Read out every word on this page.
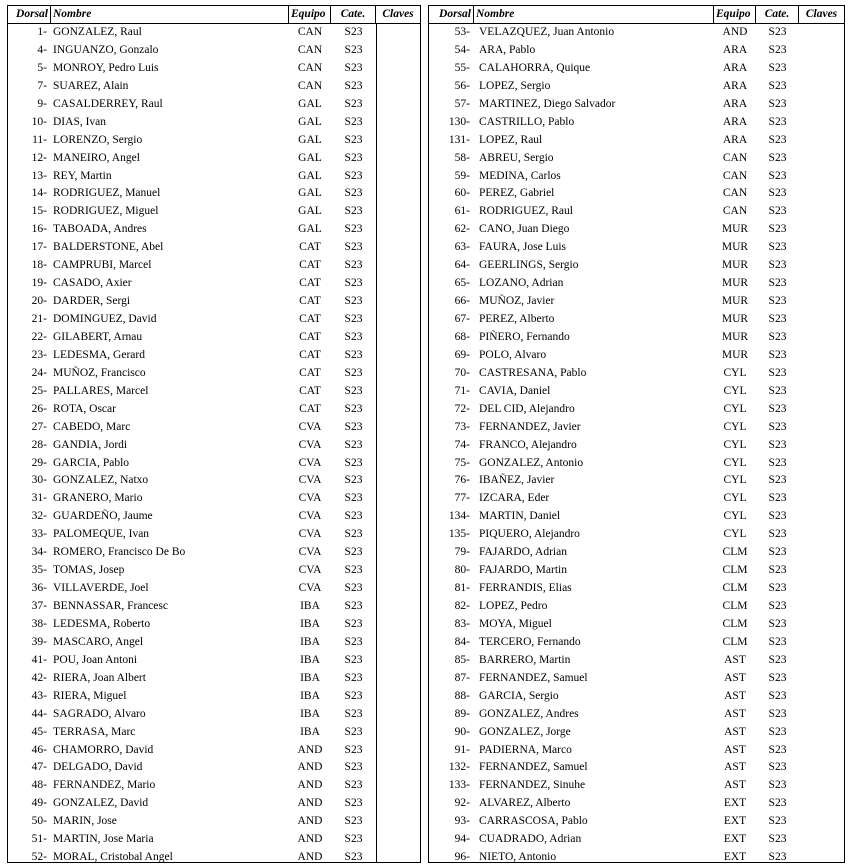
Dorsal Nombre	Equipo	Cate.	Claves
1- GONZALEZ, Raul	CAN	S23
4- INGUANZO, Gonzalo	CAN	S23
5- MONROY, Pedro Luis	CAN	S23
7- SUAREZ, Alain	CAN	S23
9- CASALDERREY, Raul	GAL	S23
10- DIAS, Ivan	GAL	S23
11- LORENZO, Sergio	GAL	S23
12- MANEIRO, Angel	GAL	S23
13- REY, Martin	GAL	S23
14- RODRIGUEZ, Manuel	GAL	S23
15- RODRIGUEZ, Miguel	GAL	S23
16- TABOADA, Andres	GAL	S23
17- BALDERSTONE, Abel	CAT	S23
18- CAMPRUBI, Marcel	CAT	S23
19- CASADO, Axier	CAT	S23
20- DARDER, Sergi	CAT	S23
21- DOMINGUEZ, David	CAT	S23
22- GILABERT, Arnau	CAT	S23
23- LEDESMA, Gerard	CAT	S23
24- MUÑOZ, Francisco	CAT	S23
25- PALLARES, Marcel	CAT	S23
26- ROTA, Oscar	CAT	S23
27- CABEDO, Marc	CVA	S23
28- GANDIA, Jordi	CVA	S23
29- GARCIA, Pablo	CVA	S23
30- GONZALEZ, Natxo	CVA	S23
31- GRANERO, Mario	CVA	S23
32- GUARDEÑO, Jaume	CVA	S23
33- PALOMEQUE, Ivan	CVA	S23
34- ROMERO, Francisco De Bo	CVA	S23
35- TOMAS, Josep	CVA	S23
36- VILLAVERDE, Joel	CVA	S23
37- BENNASSAR, Francesc	IBA	S23
38- LEDESMA, Roberto	IBA	S23
39- MASCARO, Angel	IBA	S23
41- POU, Joan Antoni	IBA	S23
42- RIERA, Joan Albert	IBA	S23
43- RIERA, Miguel	IBA	S23
44- SAGRADO, Alvaro	IBA	S23
45- TERRASA, Marc	IBA	S23
46- CHAMORRO, David	AND	S23
47- DELGADO, David	AND	S23
48- FERNANDEZ, Mario	AND	S23
49- GONZALEZ, David	AND	S23
50- MARIN, Jose	AND	S23
51- MARTIN, Jose Maria	AND	S23
52- MORAL, Cristobal Angel	AND	S23
Dorsal Nombre	Equipo	Cate.	Claves
53- VELAZQUEZ, Juan Antonio	AND	S23
54- ARA, Pablo	ARA	S23
55- CALAHORRA, Quique	ARA	S23
56- LOPEZ, Sergio	ARA	S23
57- MARTINEZ, Diego Salvador	ARA	S23
130- CASTRILLO, Pablo	ARA	S23
131- LOPEZ, Raul	ARA	S23
58- ABREU, Sergio	CAN	S23
59- MEDINA, Carlos	CAN	S23
60- PEREZ, Gabriel	CAN	S23
61- RODRIGUEZ, Raul	CAN	S23
62- CANO, Juan Diego	MUR	S23
63- FAURA, Jose Luis	MUR	S23
64- GEERLINGS, Sergio	MUR	S23
65- LOZANO, Adrian	MUR	S23
66- MUÑOZ, Javier	MUR	S23
67- PEREZ, Alberto	MUR	S23
68- PIÑERO, Fernando	MUR	S23
69- POLO, Alvaro	MUR	S23
70- CASTRESANA, Pablo	CYL	S23
71- CAVIA, Daniel	CYL	S23
72- DEL CID, Alejandro	CYL	S23
73- FERNANDEZ, Javier	CYL	S23
74- FRANCO, Alejandro	CYL	S23
75- GONZALEZ, Antonio	CYL	S23
76- IBAÑEZ, Javier	CYL	S23
77- IZCARA, Eder	CYL	S23
134- MARTIN, Daniel	CYL	S23
135- PIQUERO, Alejandro	CYL	S23
79- FAJARDO, Adrian	CLM	S23
80- FAJARDO, Martin	CLM	S23
81- FERRANDIS, Elias	CLM	S23
82- LOPEZ, Pedro	CLM	S23
83- MOYA, Miguel	CLM	S23
84- TERCERO, Fernando	CLM	S23
85- BARRERO, Martin	AST	S23
87- FERNANDEZ, Samuel	AST	S23
88- GARCIA, Sergio	AST	S23
89- GONZALEZ, Andres	AST	S23
90- GONZALEZ, Jorge	AST	S23
91- PADIERNA, Marco	AST	S23
132- FERNANDEZ, Samuel	AST	S23
133- FERNANDEZ, Sinuhe	AST	S23
92- ALVAREZ, Alberto	EXT	S23
93- CARRASCOSA, Pablo	EXT	S23
94- CUADRADO, Adrian	EXT	S23
96- NIETO, Antonio	EXT	S23
